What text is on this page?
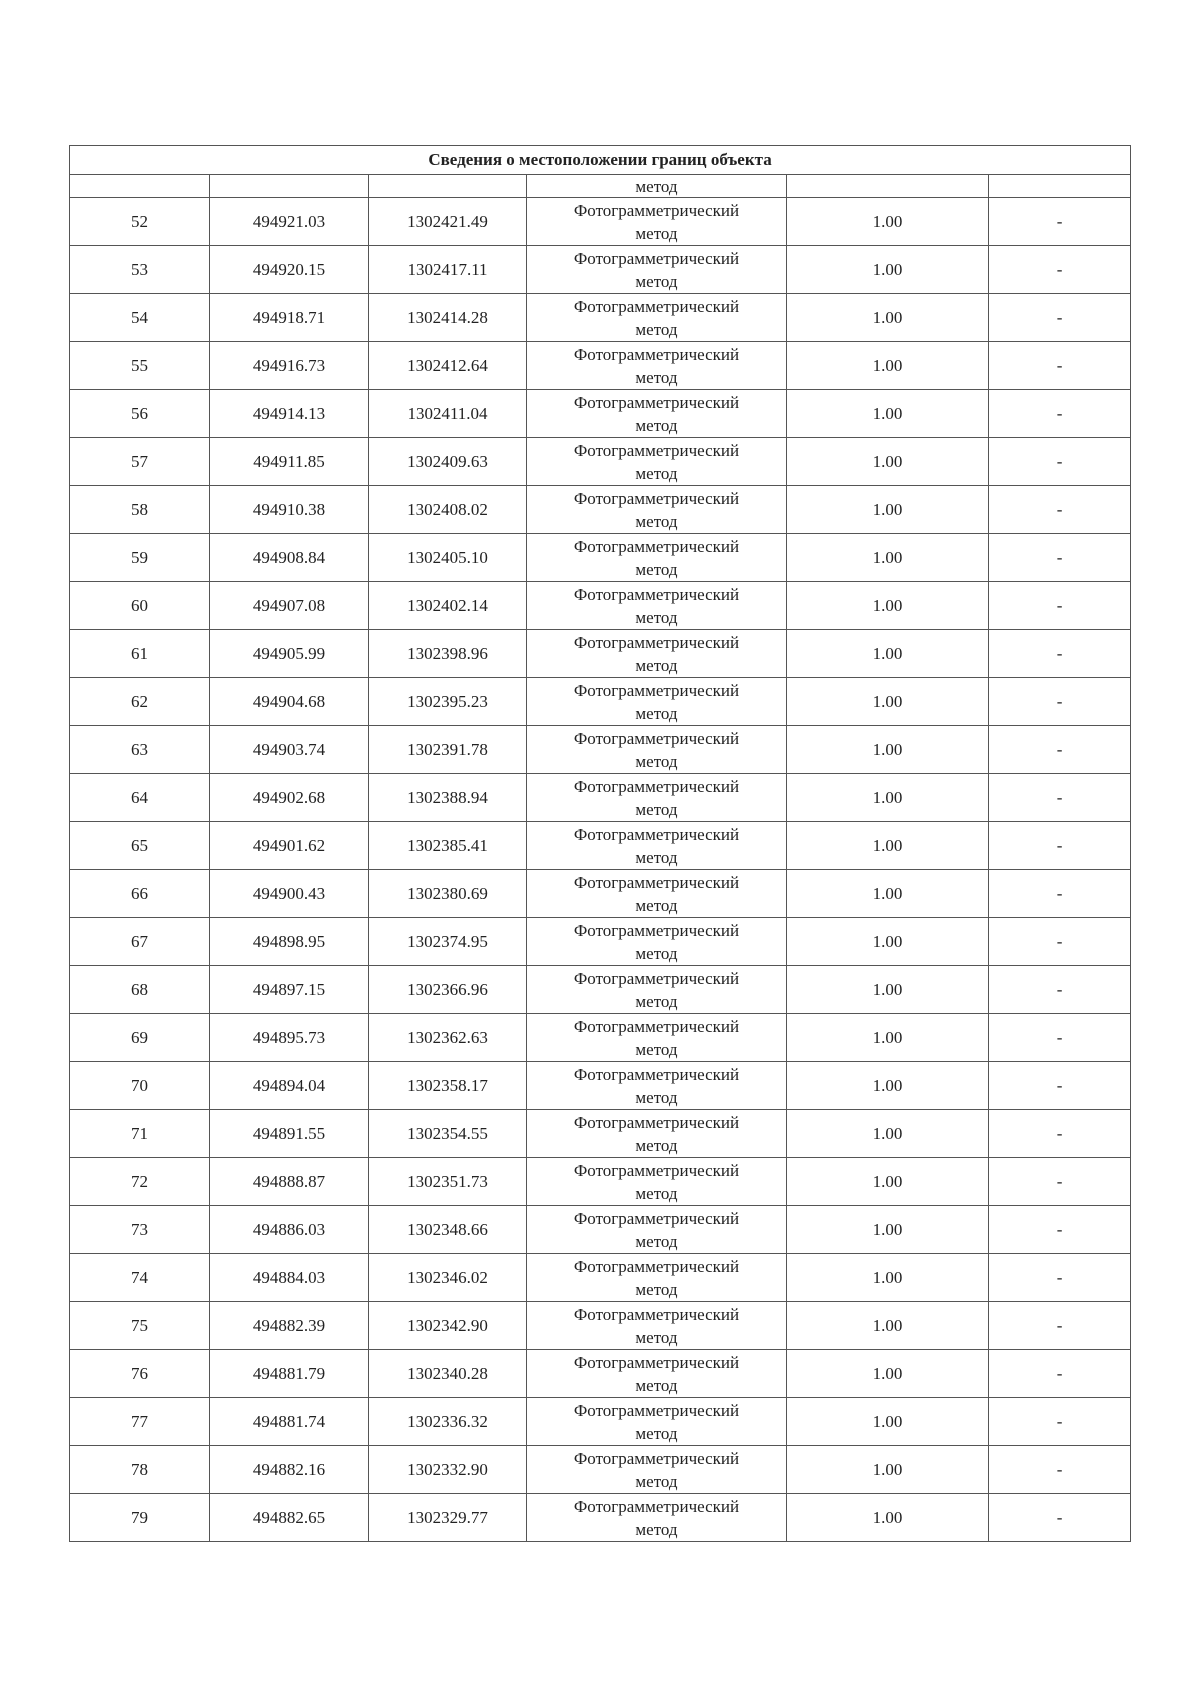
Сведения о местоположении границ объекта					
			метод		
52	494921.03	1302421.49	Фотограмметрический
метод	1.00	-
53	494920.15	1302417.11	Фотограмметрический
метод	1.00	-
54	494918.71	1302414.28	Фотограмметрический
метод	1.00	-
55	494916.73	1302412.64	Фотограмметрический
метод	1.00	-
56	494914.13	1302411.04	Фотограмметрический
метод	1.00	-
57	494911.85	1302409.63	Фотограмметрический
метод	1.00	-
58	494910.38	1302408.02	Фотограмметрический
метод	1.00	-
59	494908.84	1302405.10	Фотограмметрический
метод	1.00	-
60	494907.08	1302402.14	Фотограмметрический
метод	1.00	-
61	494905.99	1302398.96	Фотограмметрический
метод	1.00	-
62	494904.68	1302395.23	Фотограмметрический
метод	1.00	-
63	494903.74	1302391.78	Фотограмметрический
метод	1.00	-
64	494902.68	1302388.94	Фотограмметрический
метод	1.00	-
65	494901.62	1302385.41	Фотограмметрический
метод	1.00	-
66	494900.43	1302380.69	Фотограмметрический
метод	1.00	-
67	494898.95	1302374.95	Фотограмметрический
метод	1.00	-
68	494897.15	1302366.96	Фотограмметрический
метод	1.00	-
69	494895.73	1302362.63	Фотограмметрический
метод	1.00	-
70	494894.04	1302358.17	Фотограмметрический
метод	1.00	-
71	494891.55	1302354.55	Фотограмметрический
метод	1.00	-
72	494888.87	1302351.73	Фотограмметрический
метод	1.00	-
73	494886.03	1302348.66	Фотограмметрический
метод	1.00	-
74	494884.03	1302346.02	Фотограмметрический
метод	1.00	-
75	494882.39	1302342.90	Фотограмметрический
метод	1.00	-
76	494881.79	1302340.28	Фотограмметрический
метод	1.00	-
77	494881.74	1302336.32	Фотограмметрический
метод	1.00	-
78	494882.16	1302332.90	Фотограмметрический
метод	1.00	-
79	494882.65	1302329.77	Фотограмметрический
метод	1.00	-
